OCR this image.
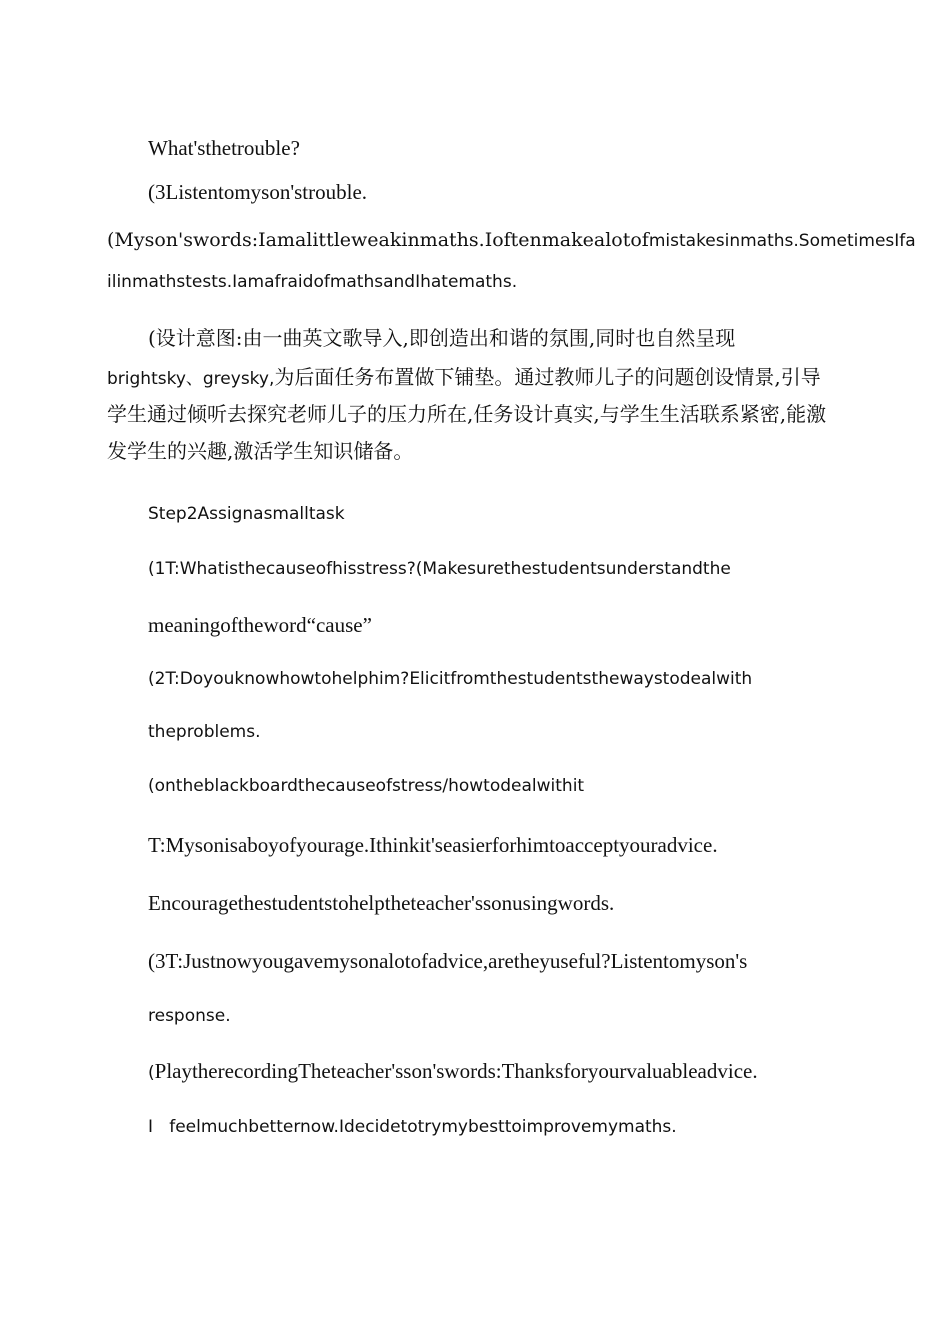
What'sthetrouble?
(3Listentomyson'strouble.
(Myson'swords:Iamalittleweakinmaths.Ioftenmakealotofmistakesinmaths.SometimesIfa
ilinmathstests.IamafraidofmathsandIhatemaths.
(设计意图:由一曲英文歌导入,即创造出和谐的氛围,同时也自然呈现
brightsky、greysky,为后面任务布置做下铺垫。通过教师儿子的问题创设情景,引导
学生通过倾听去探究老师儿子的压力所在,任务设计真实,与学生生活联系紧密,能激
发学生的兴趣,激活学生知识储备。
Step2Assignasmalltask
(1T:Whatisthecauseofhisstress?(Makesurethestudentsunderstandthe
meaningoftheword“cause”
(2T:Doyouknowhowtohelphim?Elicitfromthestudentsthewaystodealwith
theproblems.
(ontheblackboardthecauseofstress/howtodealwithit
T:Mysonisaboyofyourage.Ithinkit'seasierforhimtoacceptyouradvice.
Encouragethestudentstohelptheteacher'ssonusingwords.
(3T:Justnowyougavemysonalotofadvice,aretheyuseful?Listentomyson's
response.
(PlaytherecordingTheteacher'sson'swords:Thanksforyourvaluableadvice.
I   feelmuchbetternow.Idecidetotrymybesttoimprovemymaths.
